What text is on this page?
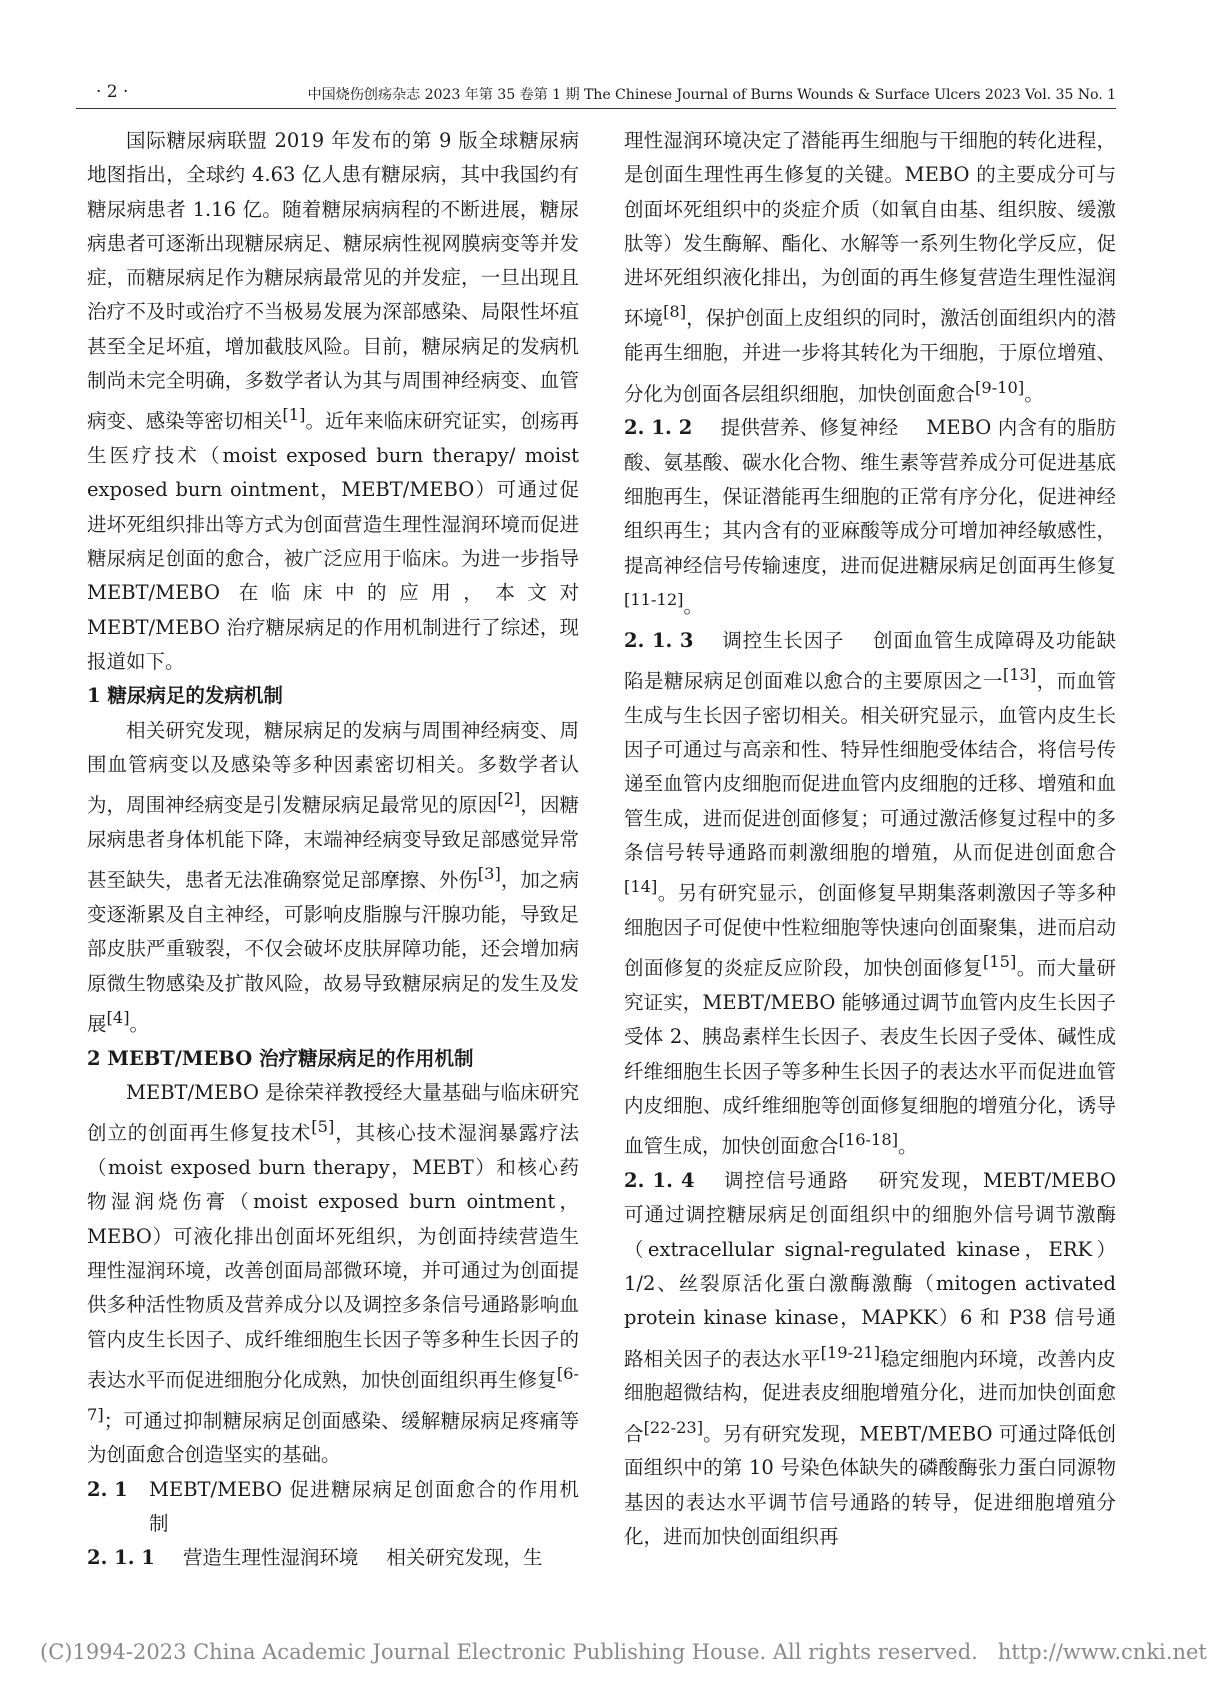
· 2 ·	中国烧伤创疡杂志 2023 年第 35 卷第 1 期 The Chinese Journal of Burns Wounds & Surface Ulcers 2023 Vol. 35 No. 1

国际糖尿病联盟 2019 年发布的第 9 版全球糖尿病地图指出，全球约 4.63 亿人患有糖尿病，其中我国约有糖尿病患者 1.16 亿。随着糖尿病病程的不断进展，糖尿病患者可逐渐出现糖尿病足、糖尿病性视网膜病变等并发症，而糖尿病足作为糖尿病最常见的并发症，一旦出现且治疗不及时或治疗不当极易发展为深部感染、局限性坏疽甚至全足坏疽，增加截肢风险。目前，糖尿病足的发病机制尚未完全明确，多数学者认为其与周围神经病变、血管病变、感染等密切相关[1]。近年来临床研究证实，创疡再生医疗技术（moist exposed burn therapy/ moist exposed burn ointment，MEBT/MEBO）可通过促进坏死组织排出等方式为创面营造生理性湿润环境而促进糖尿病足创面的愈合，被广泛应用于临床。为进一步指导 MEBT/MEBO 在临床中的应用，本文对 MEBT/MEBO 治疗糖尿病足的作用机制进行了综述，现报道如下。

1 糖尿病足的发病机制

相关研究发现，糖尿病足的发病与周围神经病变、周围血管病变以及感染等多种因素密切相关。多数学者认为，周围神经病变是引发糖尿病足最常见的原因[2]，因糖尿病患者身体机能下降，末端神经病变导致足部感觉异常甚至缺失，患者无法准确察觉足部摩擦、外伤[3]，加之病变逐渐累及自主神经，可影响皮脂腺与汗腺功能，导致足部皮肤严重皲裂，不仅会破坏皮肤屏障功能，还会增加病原微生物感染及扩散风险，故易导致糖尿病足的发生及发展[4]。

2 MEBT/MEBO 治疗糖尿病足的作用机制

MEBT/MEBO 是徐荣祥教授经大量基础与临床研究创立的创面再生修复技术[5]，其核心技术湿润暴露疗法（moist exposed burn therapy，MEBT）和核心药物湿润烧伤膏（moist exposed burn ointment，MEBO）可液化排出创面坏死组织，为创面持续营造生理性湿润环境，改善创面局部微环境，并可通过为创面提供多种活性物质及营养成分以及调控多条信号通路影响血管内皮生长因子、成纤维细胞生长因子等多种生长因子的表达水平而促进细胞分化成熟，加快创面组织再生修复[6-7]；可通过抑制糖尿病足创面感染、缓解糖尿病足疼痛等为创面愈合创造坚实的基础。

2. 1	MEBT/MEBO 促进糖尿病足创面愈合的作用机制

2. 1. 1 营造生理性湿润环境 相关研究发现，生

理性湿润环境决定了潜能再生细胞与干细胞的转化进程，是创面生理性再生修复的关键。MEBO 的主要成分可与创面坏死组织中的炎症介质（如氧自由基、组织胺、缓激肽等）发生酶解、酯化、水解等一系列生物化学反应，促进坏死组织液化排出，为创面的再生修复营造生理性湿润环境[8]，保护创面上皮组织的同时，激活创面组织内的潜能再生细胞，并进一步将其转化为干细胞，于原位增殖、分化为创面各层组织细胞，加快创面愈合[9-10]。

2. 1. 2 提供营养、修复神经 MEBO 内含有的脂肪酸、氨基酸、碳水化合物、维生素等营养成分可促进基底细胞再生，保证潜能再生细胞的正常有序分化，促进神经组织再生；其内含有的亚麻酸等成分可增加神经敏感性，提高神经信号传输速度，进而促进糖尿病足创面再生修复[11-12]。

2. 1. 3 调控生长因子 创面血管生成障碍及功能缺陷是糖尿病足创面难以愈合的主要原因之一[13]，而血管生成与生长因子密切相关。相关研究显示，血管内皮生长因子可通过与高亲和性、特异性细胞受体结合，将信号传递至血管内皮细胞而促进血管内皮细胞的迁移、增殖和血管生成，进而促进创面修复；可通过激活修复过程中的多条信号转导通路而刺激细胞的增殖，从而促进创面愈合[14]。另有研究显示，创面修复早期集落刺激因子等多种细胞因子可促使中性粒细胞等快速向创面聚集，进而启动创面修复的炎症反应阶段，加快创面修复[15]。而大量研究证实，MEBT/MEBO 能够通过调节血管内皮生长因子受体 2、胰岛素样生长因子、表皮生长因子受体、碱性成纤维细胞生长因子等多种生长因子的表达水平而促进血管内皮细胞、成纤维细胞等创面修复细胞的增殖分化，诱导血管生成，加快创面愈合[16-18]。

2. 1. 4 调控信号通路 研究发现，MEBT/MEBO 可通过调控糖尿病足创面组织中的细胞外信号调节激酶（extracellular signal-regulated kinase，ERK）1/2、丝裂原活化蛋白激酶激酶（mitogen activated protein kinase kinase，MAPKK）6 和 P38 信号通路相关因子的表达水平[19-21]稳定细胞内环境，改善内皮细胞超微结构，促进表皮细胞增殖分化，进而加快创面愈合[22-23]。另有研究发现，MEBT/MEBO 可通过降低创面组织中的第 10 号染色体缺失的磷酸酶张力蛋白同源物基因的表达水平调节信号通路的转导，促进细胞增殖分化，进而加快创面组织再

(C)1994-2023 China Academic Journal Electronic Publishing House. All rights reserved. http://www.cnki.net
